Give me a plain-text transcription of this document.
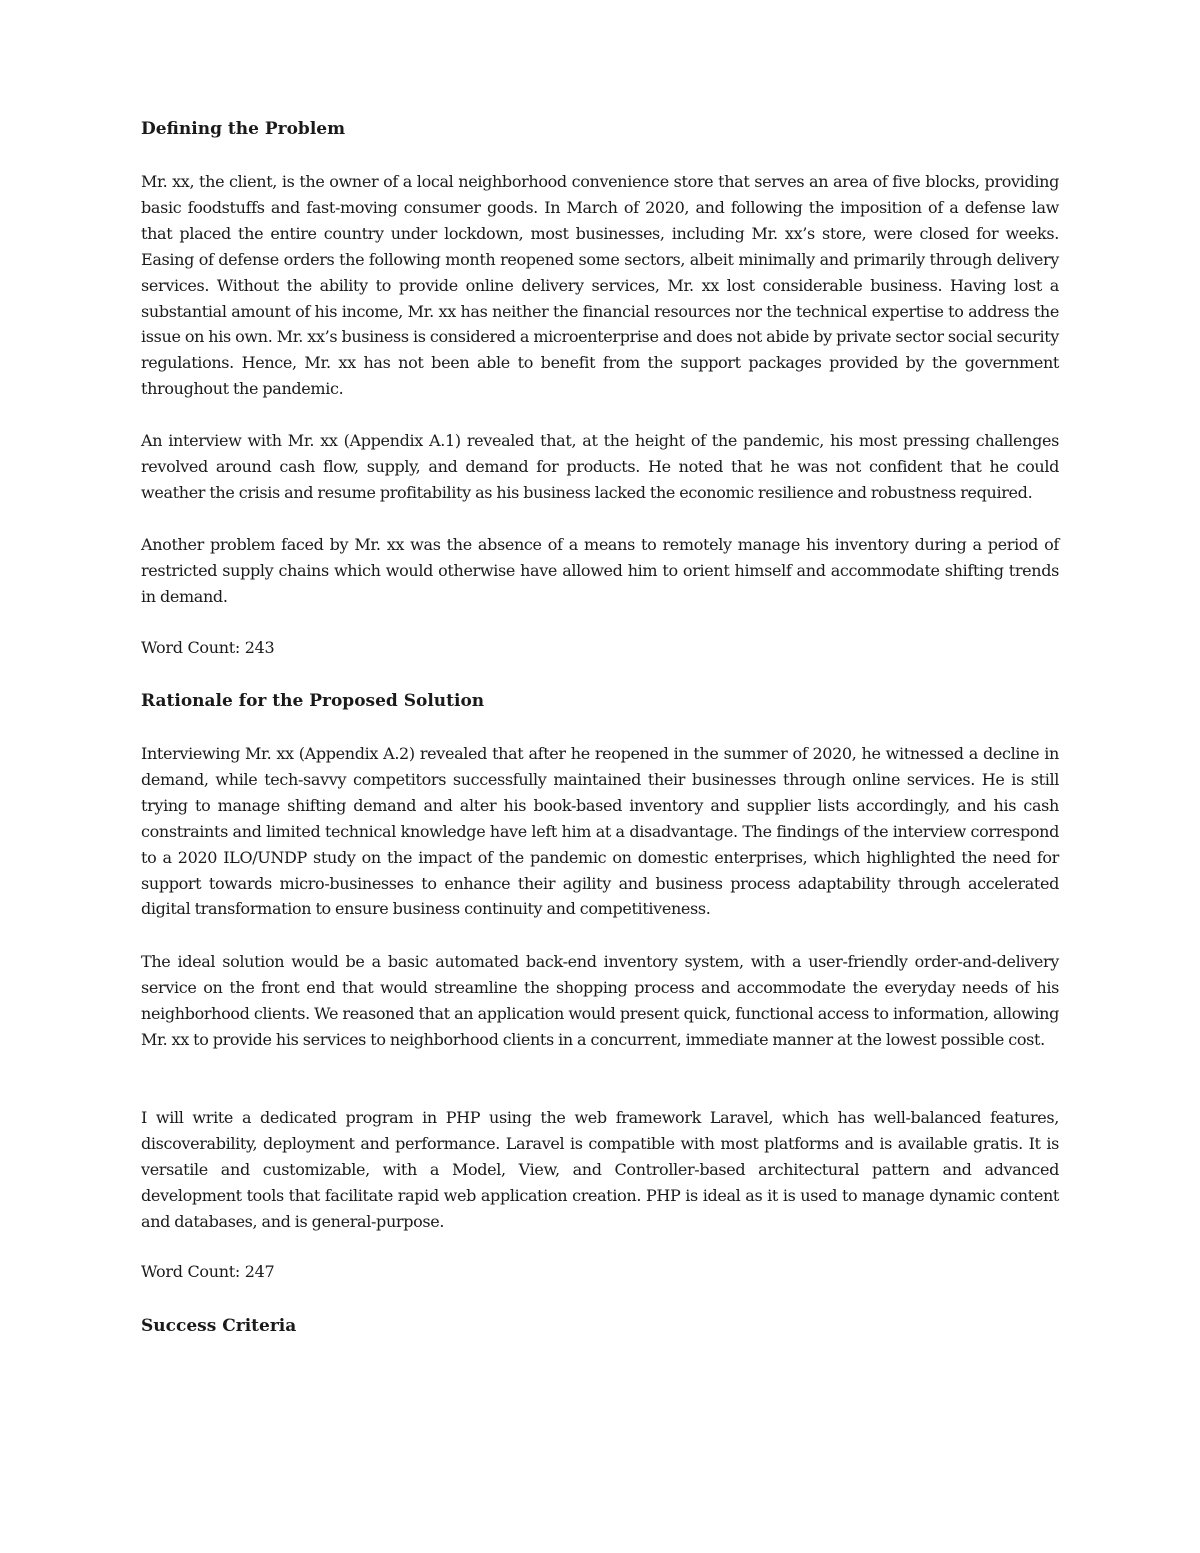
Defining the Problem

Mr. xx, the client, is the owner of a local neighborhood convenience store that serves an area of five blocks, providing basic foodstuffs and fast-moving consumer goods. In March of 2020, and following the imposition of a defense law that placed the entire country under lockdown, most businesses, including Mr. xx’s store, were closed for weeks. Easing of defense orders the following month reopened some sectors, albeit minimally and primarily through delivery services. Without the ability to provide online delivery services, Mr. xx lost considerable business. Having lost a substantial amount of his income, Mr. xx has neither the financial resources nor the technical expertise to address the issue on his own. Mr. xx’s business is considered a microenterprise and does not abide by private sector social security regulations. Hence, Mr. xx has not been able to benefit from the support packages provided by the government throughout the pandemic.

An interview with Mr. xx (Appendix A.1) revealed that, at the height of the pandemic, his most pressing challenges revolved around cash flow, supply, and demand for products. He noted that he was not confident that he could weather the crisis and resume profitability as his business lacked the economic resilience and robustness required.

Another problem faced by Mr. xx was the absence of a means to remotely manage his inventory during a period of restricted supply chains which would otherwise have allowed him to orient himself and accommodate shifting trends in demand.

Word Count: 243

Rationale for the Proposed Solution

Interviewing Mr. xx (Appendix A.2) revealed that after he reopened in the summer of 2020, he witnessed a decline in demand, while tech-savvy competitors successfully maintained their businesses through online services. He is still trying to manage shifting demand and alter his book-based inventory and supplier lists accordingly, and his cash constraints and limited technical knowledge have left him at a disadvantage. The findings of the interview correspond to a 2020 ILO/UNDP study on the impact of the pandemic on domestic enterprises, which highlighted the need for support towards micro-businesses to enhance their agility and business process adaptability through accelerated digital transformation to ensure business continuity and competitiveness.

The ideal solution would be a basic automated back-end inventory system, with a user-friendly order-and-delivery service on the front end that would streamline the shopping process and accommodate the everyday needs of his neighborhood clients. We reasoned that an application would present quick, functional access to information, allowing Mr. xx to provide his services to neighborhood clients in a concurrent, immediate manner at the lowest possible cost.

I will write a dedicated program in PHP using the web framework Laravel, which has well-balanced features, discoverability, deployment and performance. Laravel is compatible with most platforms and is available gratis. It is versatile and customizable, with a Model, View, and Controller-based architectural pattern and advanced development tools that facilitate rapid web application creation. PHP is ideal as it is used to manage dynamic content and databases, and is general-purpose.

Word Count: 247

Success Criteria
